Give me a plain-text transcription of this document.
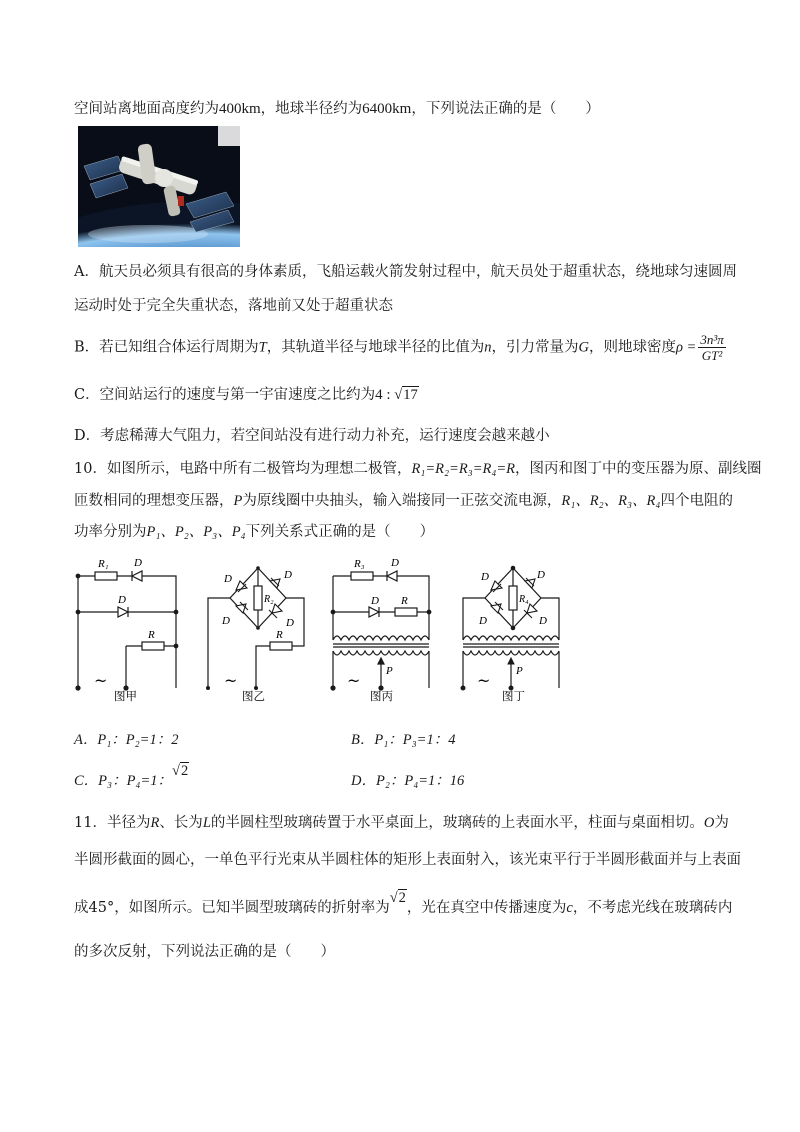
空间站离地面高度约为400km，地球半径约为6400km，下列说法正确的是（　　）
A．航天员必须具有很高的身体素质，飞船运载火箭发射过程中，航天员处于超重状态，绕地球匀速圆周
运动时处于完全失重状态，落地前又处于超重状态
B．若已知组合体运行周期为T，其轨道半径与地球半径的比值为n，引力常量为G，则地球密度$\rho = \frac{\text{3n³π}}{\text{GT²}}$
C．空间站运行的速度与第一宇宙速度之比约为4 : √17
D．考虑稀薄大气阻力，若空间站没有进行动力补充，运行速度会越来越小
10．如图所示，电路中所有二极管均为理想二极管，R₁=R₂=R₃=R₄=R，图丙和图丁中的变压器为原、副线圈
匝数相同的理想变压器，P为原线圈中央抽头，输入端接同一正弦交流电源，R₁、R₂、R₃、R₄四个电阻的
功率分别为P₁、P₂、P₃、P₄下列关系式正确的是（　　）
R₁ D
D
R
~
图甲
D	D
D	D
R₂
R
~
图乙
R₃ D
D R
P
~
图丙
D	D
D	D
R₄
P
~
图丁
A．P₁：P₂=1：2	B．P₁：P₃=1：4
C．P₃：P₄=1：√2
D．P₂：P₄=1：16
11．半径为R、长为L的半圆柱型玻璃砖置于水平桌面上，玻璃砖的上表面水平，柱面与桌面相切。O为
半圆形截面的圆心，一单色平行光束从半圆柱体的矩形上表面射入，该光束平行于半圆形截面并与上表面
成45°，如图所示。已知半圆型玻璃砖的折射率为√2，光在真空中传播速度为c，不考虑光线在玻璃砖内
的多次反射，下列说法正确的是（　　）
